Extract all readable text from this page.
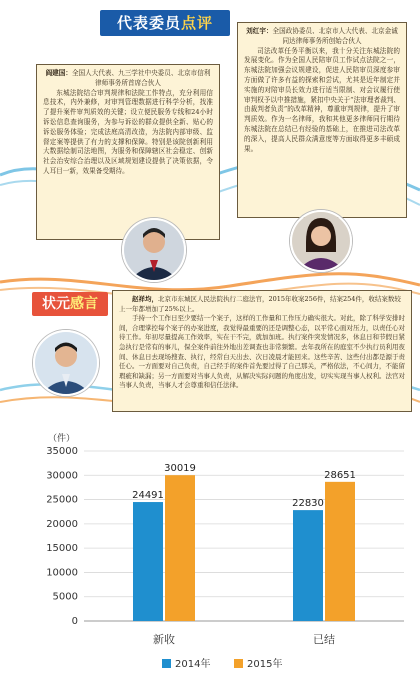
代表委员点评

阎建国：全国人大代表、九三学社中央委员、北京市信利律师事务所首席合伙人

东城法院结合审判规律和法院工作特点，充分利用信息技术，内外兼修，对审判管理数据进行科学分析，找准了提升案件审判质效的关键；设立便民服务专线和24小时诉讼信息查询服务，为参与诉讼的群众提供全新、贴心的诉讼服务体验；完成法庭高清改造，为法院内部审级、监督定案等提供了有力的支撑和保障。特别是该院创新利用大数据绘制司法地图，为服务和保障辖区社会稳定、创新社会治安综合治理以及区域规划建设提供了决策依据，令人耳目一新，效果备受期待。

刘红宇：全国政协委员、北京市人大代表、北京金诚同达律师事务所创始合伙人

司法改革任务平衡以来，我十分关注东城法院的发展变化。作为全国人民陪审员工作试点法院之一，东城法院加强会议规建设，促进人民陪审员深度参审方面做了许多有益的探索和尝试，尤其是近年制定并实施的对陪审员长效力进行适当限制、对会议履行使审判权予以中推措施，紧扣中央关于“法审理者裁判、由裁判者负责”的改革精神，尊重审判规律，提升了审判质效。作为一名律师，我和其他更多律师同行期待东城法院在总结已有经验的基础上，在推进司法改革的深入，提高人民群众满意度等方面取得更多丰硕成果。

状元感言	赵祥均，北京市东城区人民法院执行二庭法官，2015年收案256件，结案254件，收结案数较上一年都增加了25%以上。

手持一个工作日至少要结一个案子，这样的工作量和工作压力确实很大。对此，除了科学安排时间，合理掌控每个案子的办案进度，我觉得最重要的还是调整心态，以平常心面对压力，以责任心对待工作。年初尽量提高工作效率，实在干不完，就加加班。执行案件突发情况多，休息日和节假日紧急执行是常有的事儿，保全案件前往外地出差调查也非常频繁。去年我所在的庭室不少执行员利用夜间、休息日去现场搜查、执行，经常白天出去、次日凌晨才能回来。这些辛苦、这些付出都是源于责任心。一方面要对自己负责，自己经手的案件首先要过得了自己那关，严格依法，不心间力，不能留瑕疵和缺漏；另一方面要对当事人负责，从解决实际问题的角度出发，切实实现当事人权利。法官对当事人负责，当事人才会尊重和信任法律。

（件）
0
5000
10000
15000
20000
25000
30000
35000
24491
30019
新收
22830
28651
已结
2014年	2015年
